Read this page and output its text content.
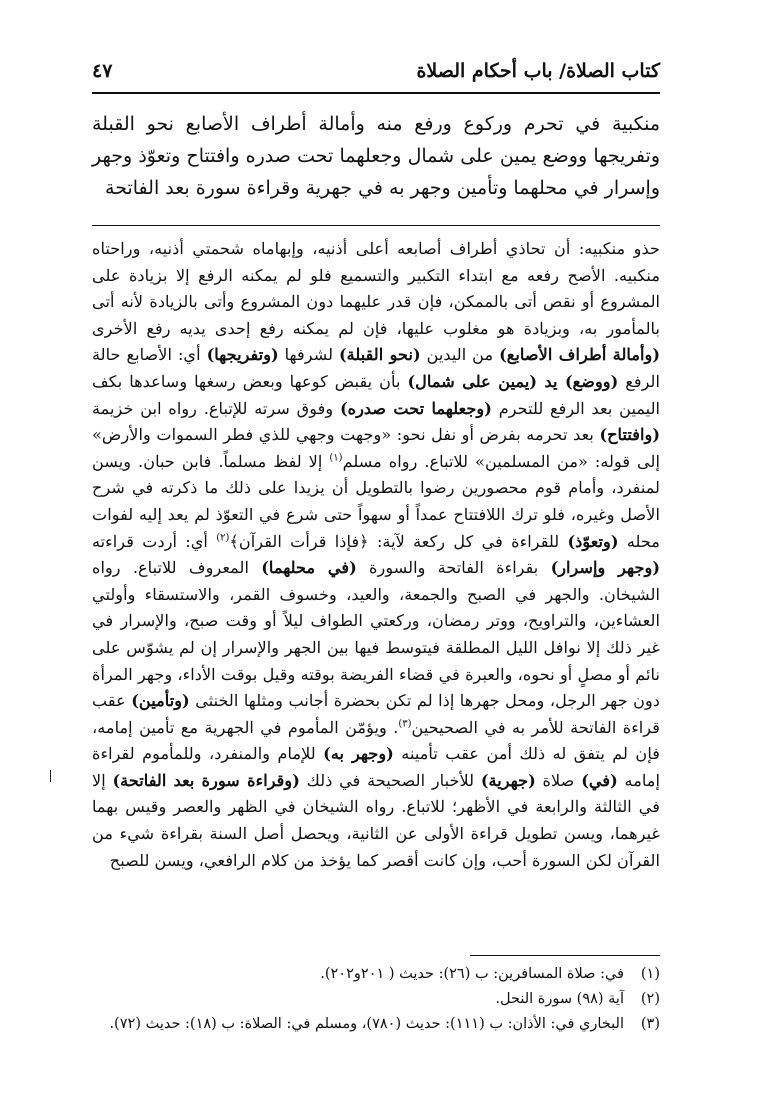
كتاب الصلاة/ باب أحكام الصلاة
٤٧
منكبية في تحرم وركوع ورفع منه وأمالة أطراف الأصابع نحو القبلة وتفريجها ووضع يمين على شمال وجعلهما تحت صدره وافتتاح وتعوّذ وجهر وإسرار في محلهما وتأمين وجهر به في جهرية وقراءة سورة بعد الفاتحة

حذو منكبيه: أن تحاذي أطراف أصابعه أعلى أذنيه، وإبهاماه شحمتي أذنيه، وراحتاه منكبيه. الأصح رفعه مع ابتداء التكبير والتسميع فلو لم يمكنه الرفع إلا بزيادة على المشروع أو نقص أتى بالممكن، فإن قدر عليهما دون المشروع وأتى بالزيادة لأنه أتى بالمأمور به، وبزيادة هو مغلوب عليها، فإن لم يمكنه رفع إحدى يديه رفع الأخرى (وأمالة أطراف الأصابع) من اليدين (نحو القبلة) لشرفها (وتفريجها) أي: الأصابع حالة الرفع (ووضع) يد (يمين على شمال) بأن يقبض كوعها وبعض رسغها وساعدها بكف اليمين بعد الرفع للتحرم (وجعلهما تحت صدره) وفوق سرته للإتباع. رواه ابن خزيمة (وافتتاح) بعد تحرمه بفرض أو نفل نحو: «وجهت وجهي للذي فطر السموات والأرض» إلى قوله: «من المسلمين» للاتباع. رواه مسلم$^{(١)}$ إلا لفظ مسلماً. فابن حبان. ويسن لمنفرد، وأمام قوم محصورين رضوا بالتطويل أن يزيدا على ذلك ما ذكرته في شرح الأصل وغيره، فلو ترك اللافتتاح عمداً أو سهواً حتى شرع في التعوّذ لم يعد إليه لفوات محله (وتعوّذ) للقراءة في كل ركعة لآية: ﴿فإذا قرأت القرآن﴾$^{(٢)}$ أي: أردت قراءته (وجهر وإسرار) بقراءة الفاتحة والسورة (في محلهما) المعروف للاتباع. رواه الشيخان. والجهر في الصبح والجمعة، والعيد، وخسوف القمر، والاستسقاء وأولتي العشاءين، والتراويح، ووتر رمضان، وركعتي الطواف ليلاً أو وقت صبح، والإسرار في غير ذلك إلا نوافل الليل المطلقة فيتوسط فيها بين الجهر والإسرار إن لم يشوّس على نائم أو مصلٍ أو نحوه، والعبرة في قضاء الفريضة بوقته وقيل بوقت الأداء، وجهر المرأة دون جهر الرجل، ومحل جهرها إذا لم تكن بحضرة أجانب ومثلها الخنثى (وتأمين) عقب قراءة الفاتحة للأمر به في الصحيحين$^{(٣)}$. ويؤمّن المأموم في الجهرية مع تأمين إمامه، فإن لم يتفق له ذلك أمن عقب تأمينه (وجهر به) للإمام والمنفرد، وللمأموم لقراءة إمامه (في) صلاة (جهرية) للأخبار الصحيحة في ذلك (وقراءة سورة بعد الفاتحة) إلا في الثالثة والرابعة في الأظهر؛ للاتباع. رواه الشيخان في الظهر والعصر وقيس بهما غيرهما، ويسن تطويل قراءة الأولى عن الثانية، ويحصل أصل السنة بقراءة شيء من القرآن لكن السورة أحب، وإن كانت أقصر كما يؤخذ من كلام الرافعي، ويسن للصبح

(١)
في: صلاة المسافرين: ب (٢٦): حديث ( ٢٠١و٢٠٢).
(٢)
آية (٩٨) سورة النحل.
(٣)
البخاري في: الأذان: ب (١١١): حديث (٧٨٠)، ومسلم في: الصلاة: ب (١٨): حديث (٧٢).
